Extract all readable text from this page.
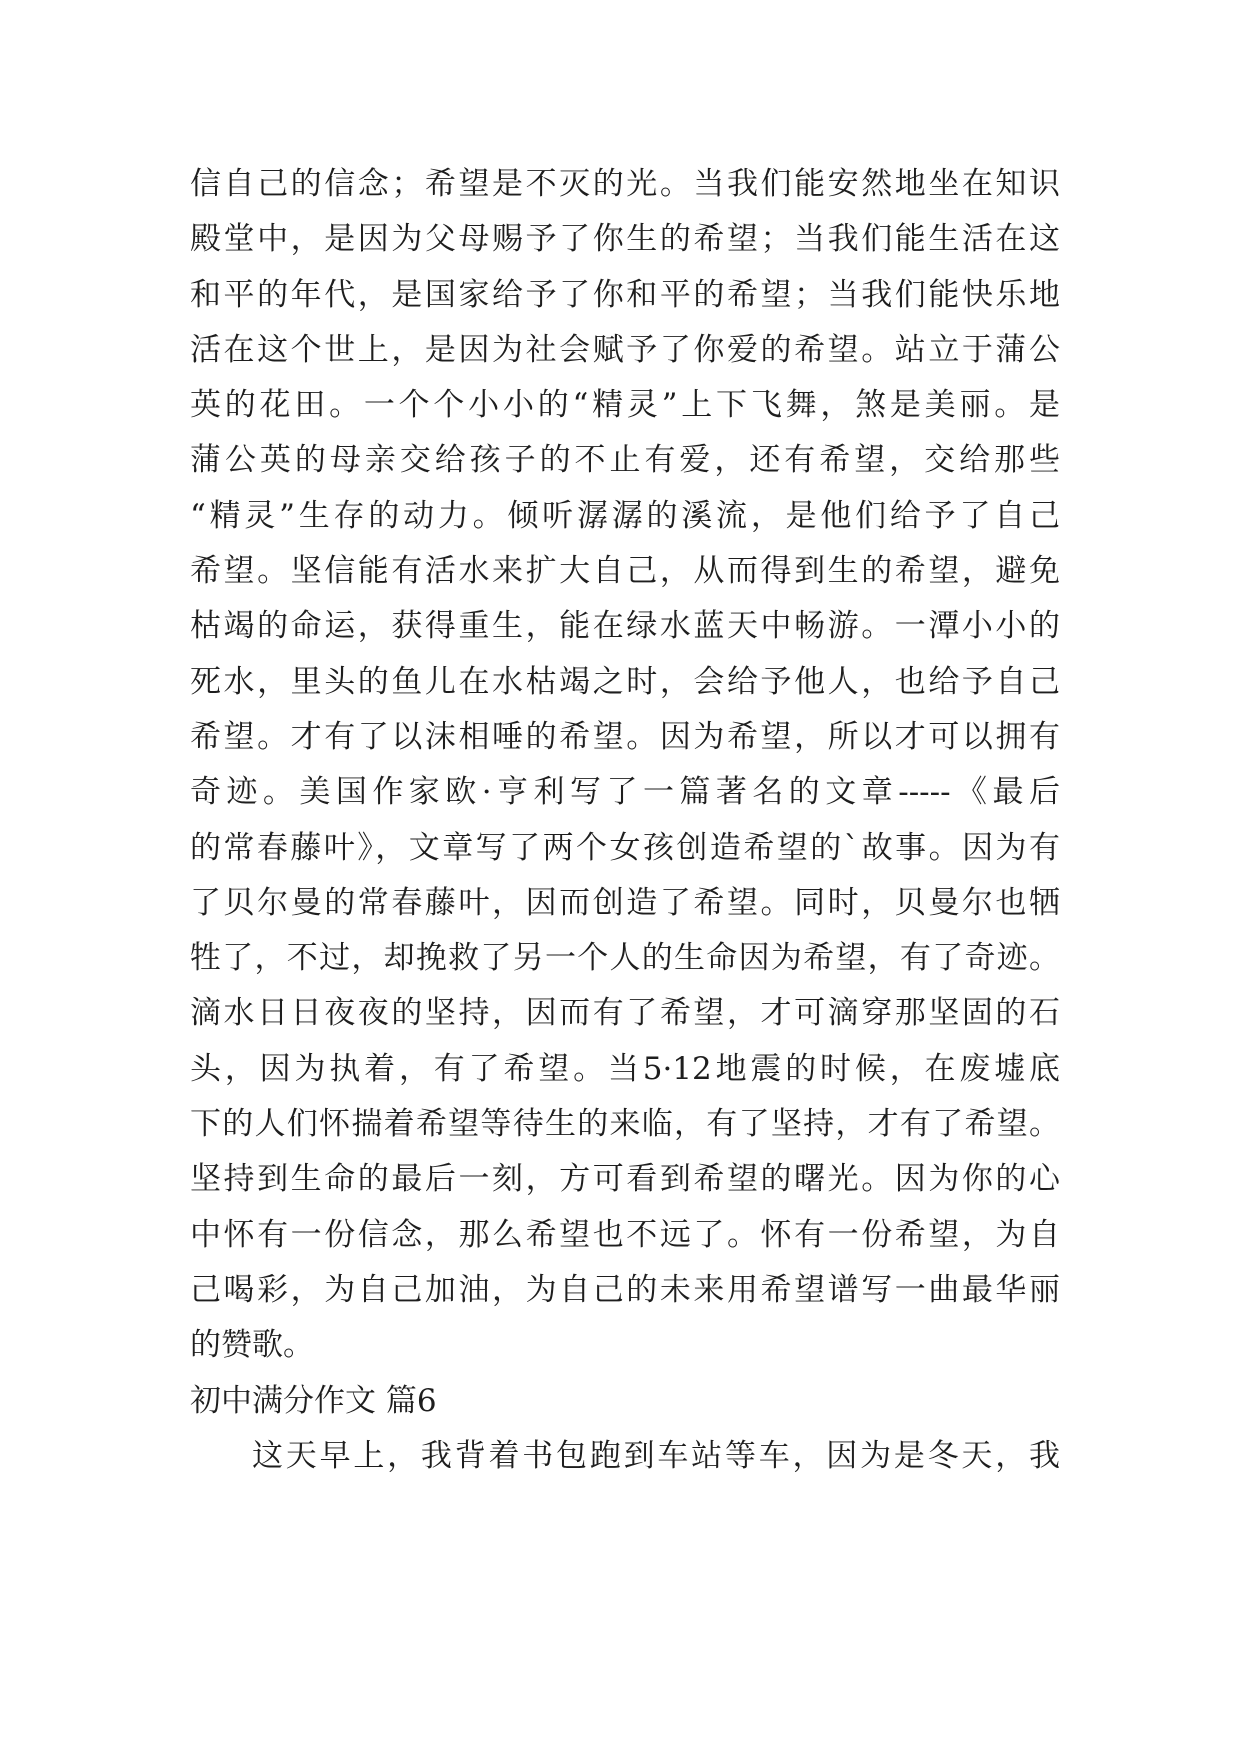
信自己的信念；希望是不灭的光。当我们能安然地坐在知识
殿堂中，是因为父母赐予了你生的希望；当我们能生活在这
和平的年代，是国家给予了你和平的希望；当我们能快乐地
活在这个世上，是因为社会赋予了你爱的希望。站立于蒲公
英的花田。一个个小小的“精灵”上下飞舞，煞是美丽。是
蒲公英的母亲交给孩子的不止有爱，还有希望，交给那些
“精灵”生存的动力。倾听潺潺的溪流，是他们给予了自己
希望。坚信能有活水来扩大自己，从而得到生的希望，避免
枯竭的命运，获得重生，能在绿水蓝天中畅游。一潭小小的
死水，里头的鱼儿在水枯竭之时，会给予他人，也给予自己
希望。才有了以沫相唾的希望。因为希望，所以才可以拥有
奇迹。美国作家欧·亨利写了一篇著名的文章-----《最后
的常春藤叶》，文章写了两个女孩创造希望的`故事。因为有
了贝尔曼的常春藤叶，因而创造了希望。同时，贝曼尔也牺
牲了，不过，却挽救了另一个人的生命因为希望，有了奇迹。
滴水日日夜夜的坚持，因而有了希望，才可滴穿那坚固的石
头，因为执着，有了希望。当5·12地震的时候，在废墟底
下的人们怀揣着希望等待生的来临，有了坚持，才有了希望。
坚持到生命的最后一刻，方可看到希望的曙光。因为你的心
中怀有一份信念，那么希望也不远了。怀有一份希望，为自
己喝彩，为自己加油，为自己的未来用希望谱写一曲最华丽
的赞歌。
初中满分作文 篇6
这天早上，我背着书包跑到车站等车，因为是冬天，我
